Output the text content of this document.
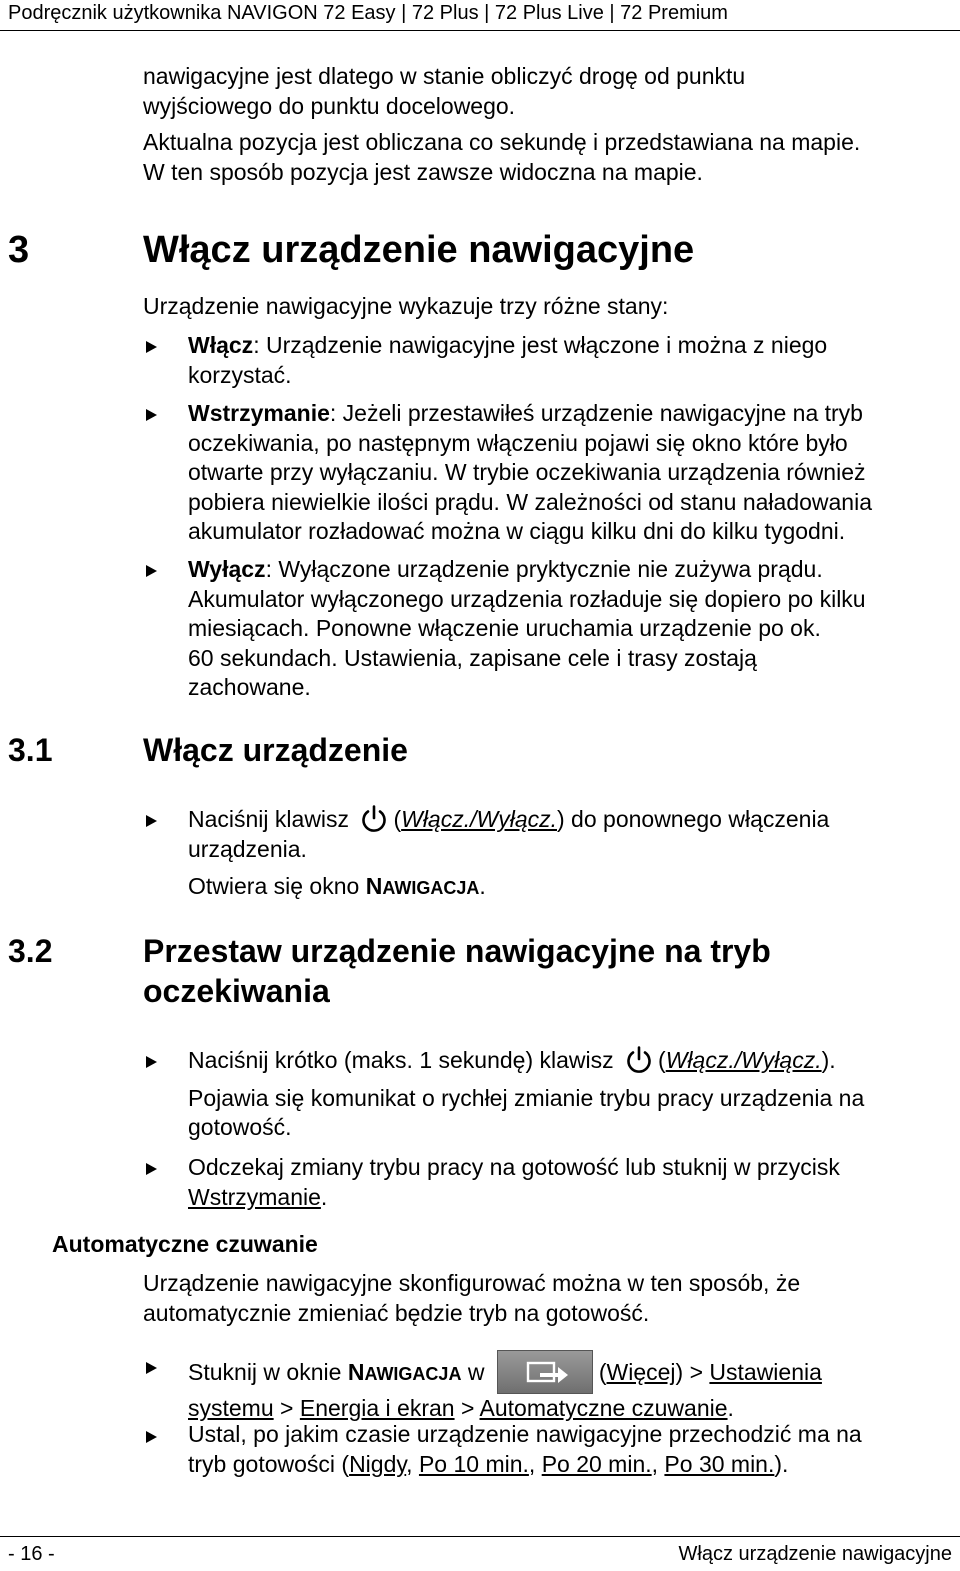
Podręcznik użytkownika NAVIGON 72 Easy | 72 Plus | 72 Plus Live | 72 Premium
nawigacyjne jest dlatego w stanie obliczyć drogę od punktu
wyjściowego do punktu docelowego.
Aktualna pozycja jest obliczana co sekundę i przedstawiana na mapie.
W ten sposób pozycja jest zawsze widoczna na mapie.
3	Włącz urządzenie nawigacyjne
Urządzenie nawigacyjne wykazuje trzy różne stany:
Włącz: Urządzenie nawigacyjne jest włączone i można z niego
korzystać.
Wstrzymanie: Jeżeli przestawiłeś urządzenie nawigacyjne na tryb
oczekiwania, po następnym włączeniu pojawi się okno które było
otwarte przy wyłączaniu. W trybie oczekiwania urządzenia również
pobiera niewielkie ilości prądu. W zależności od stanu naładowania
akumulator rozładować można w ciągu kilku dni do kilku tygodni.
Wyłącz: Wyłączone urządzenie pryktycznie nie zużywa prądu.
Akumulator wyłączonego urządzenia rozładuje się dopiero po kilku
miesiącach. Ponowne włączenie uruchamia urządzenie po ok.
60 sekundach. Ustawienia, zapisane cele i trasy zostają
zachowane.
3.1	Włącz urządzenie
Naciśnij klawisz (Włącz./Wyłącz.) do ponownego włączenia
urządzenia.
Otwiera się okno NAWIGACJA.
3.2	Przestaw urządzenie nawigacyjne na tryb
oczekiwania
Naciśnij krótko (maks. 1 sekundę) klawisz (Włącz./Wyłącz.).
Pojawia się komunikat o rychłej zmianie trybu pracy urządzenia na
gotowość.
Odczekaj zmiany trybu pracy na gotowość lub stuknij w przycisk
Wstrzymanie.
Automatyczne czuwanie
Urządzenie nawigacyjne skonfigurować można w ten sposób, że
automatycznie zmieniać będzie tryb na gotowość.
Stuknij w oknie NAWIGACJA w	(Więcej) > Ustawienia
systemu > Energia i ekran > Automatyczne czuwanie.
Ustal, po jakim czasie urządzenie nawigacyjne przechodzić ma na
tryb gotowości (Nigdy, Po 10 min., Po 20 min., Po 30 min.).
- 16 -	Włącz urządzenie nawigacyjne
